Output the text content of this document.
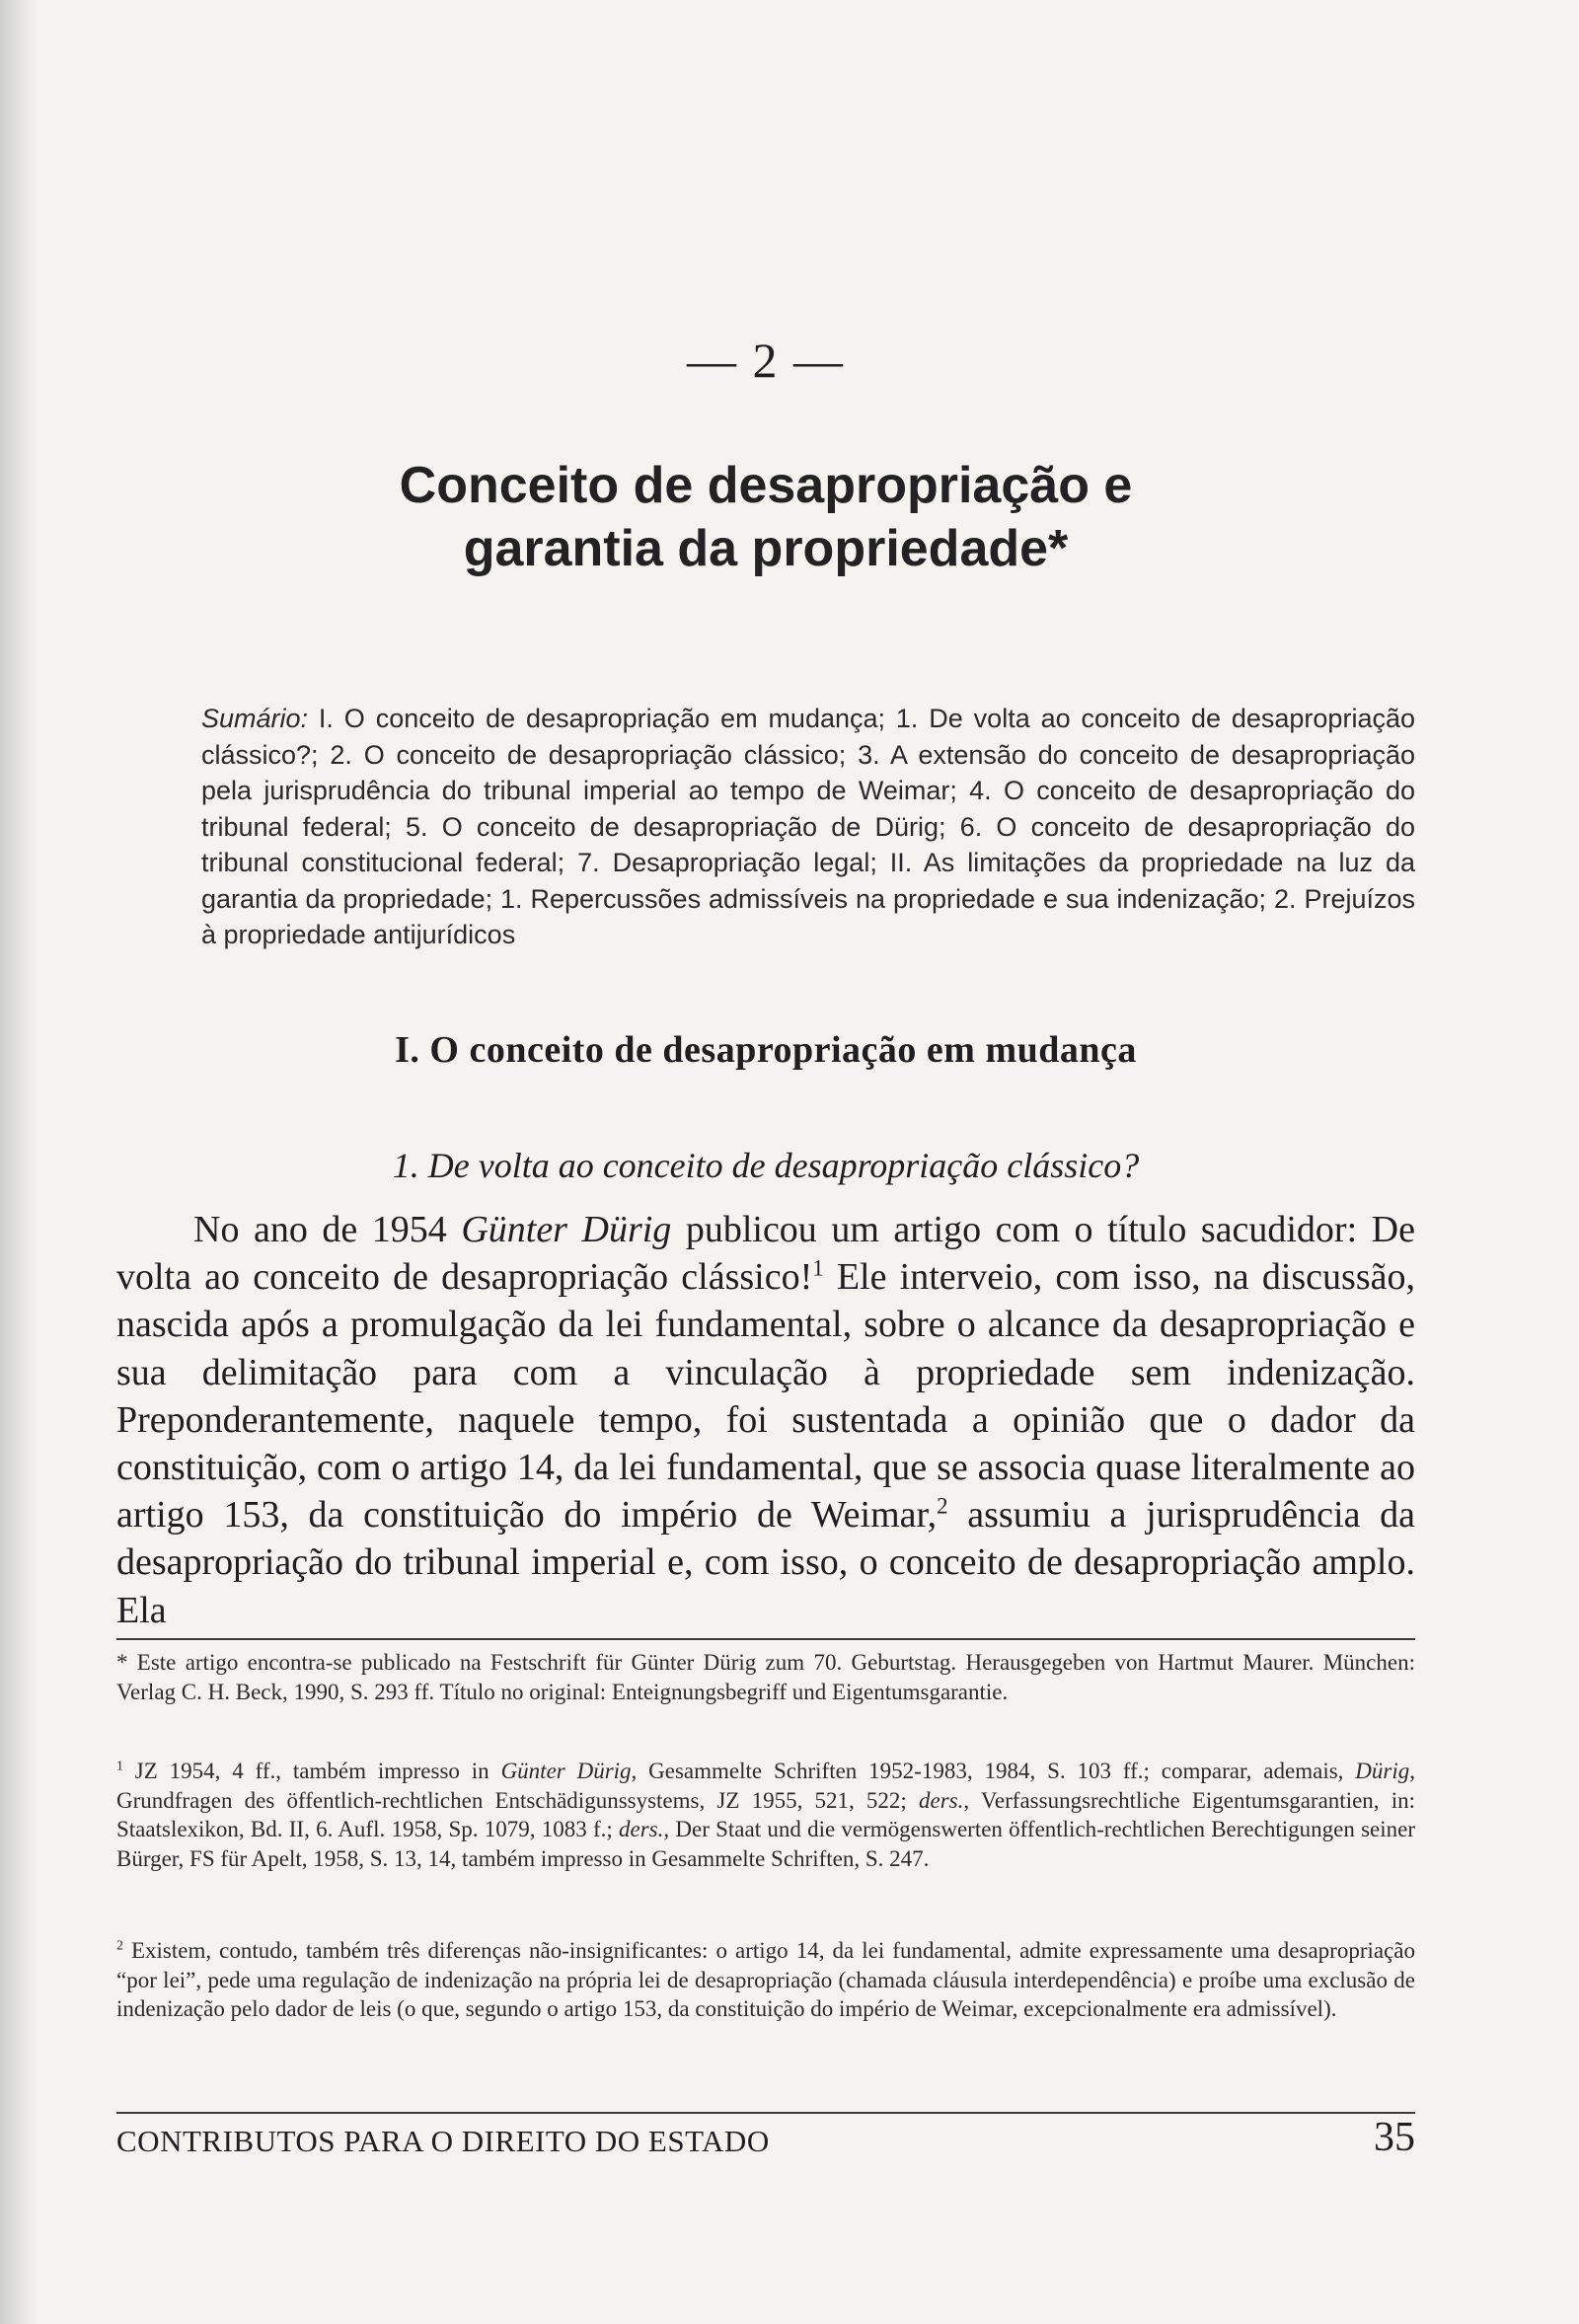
— 2 —
Conceito de desapropriação e
garantia da propriedade*

Sumário: I. O conceito de desapropriação em mudança; 1. De volta ao conceito de desapropriação clássico?; 2. O conceito de desapropriação clássico; 3. A extensão do conceito de desapropriação pela jurisprudência do tribunal imperial ao tempo de Weimar; 4. O conceito de desapropriação do tribunal federal; 5. O conceito de desapropriação de Dürig; 6. O conceito de desapropriação do tribunal constitucional federal; 7. Desapropriação legal; II. As limitações da propriedade na luz da garantia da propriedade; 1. Repercussões admissíveis na propriedade e sua indenização; 2. Prejuízos à propriedade antijurídicos

I. O conceito de desapropriação em mudança
1. De volta ao conceito de desapropriação clássico?

No ano de 1954 Günter Dürig publicou um artigo com o título sacudidor: De volta ao conceito de desapropriação clássico!$^1$ Ele interveio, com isso, na discussão, nascida após a promulgação da lei fundamental, sobre o alcance da desapropriação e sua delimitação para com a vinculação à propriedade sem indenização. Preponderantemente, naquele tempo, foi sustentada a opinião que o dador da constituição, com o artigo 14, da lei fundamental, que se associa quase literalmente ao artigo 153, da constituição do império de Weimar,$^2$ assumiu a jurisprudência da desapropriação do tribunal imperial e, com isso, o conceito de desapropriação amplo. Ela

* Este artigo encontra-se publicado na Festschrift für Günter Dürig zum 70. Geburtstag. Herausgegeben von Hartmut Maurer. München: Verlag C. H. Beck, 1990, S. 293 ff. Título no original: Enteignungsbegriff und Eigentumsgarantie.

$^1$ JZ 1954, 4 ff., também impresso in Günter Dürig, Gesammelte Schriften 1952-1983, 1984, S. 103 ff.; comparar, ademais, Dürig, Grundfragen des öffentlich-rechtlichen Entschädigunssystems, JZ 1955, 521, 522; ders., Verfassungsrechtliche Eigentumsgarantien, in: Staatslexikon, Bd. II, 6. Aufl. 1958, Sp. 1079, 1083 f.; ders., Der Staat und die vermögenswerten öffentlich-rechtlichen Berechtigungen seiner Bürger, FS für Apelt, 1958, S. 13, 14, também impresso in Gesammelte Schriften, S. 247.

$^2$ Existem, contudo, também três diferenças não-insignificantes: o artigo 14, da lei fundamental, admite expressamente uma desapropriação “por lei”, pede uma regulação de indenização na própria lei de desapropriação (chamada cláusula interdependência) e proíbe uma exclusão de indenização pelo dador de leis (o que, segundo o artigo 153, da constituição do império de Weimar, excepcionalmente era admissível).

CONTRIBUTOS PARA O DIREITO DO ESTADO	35
